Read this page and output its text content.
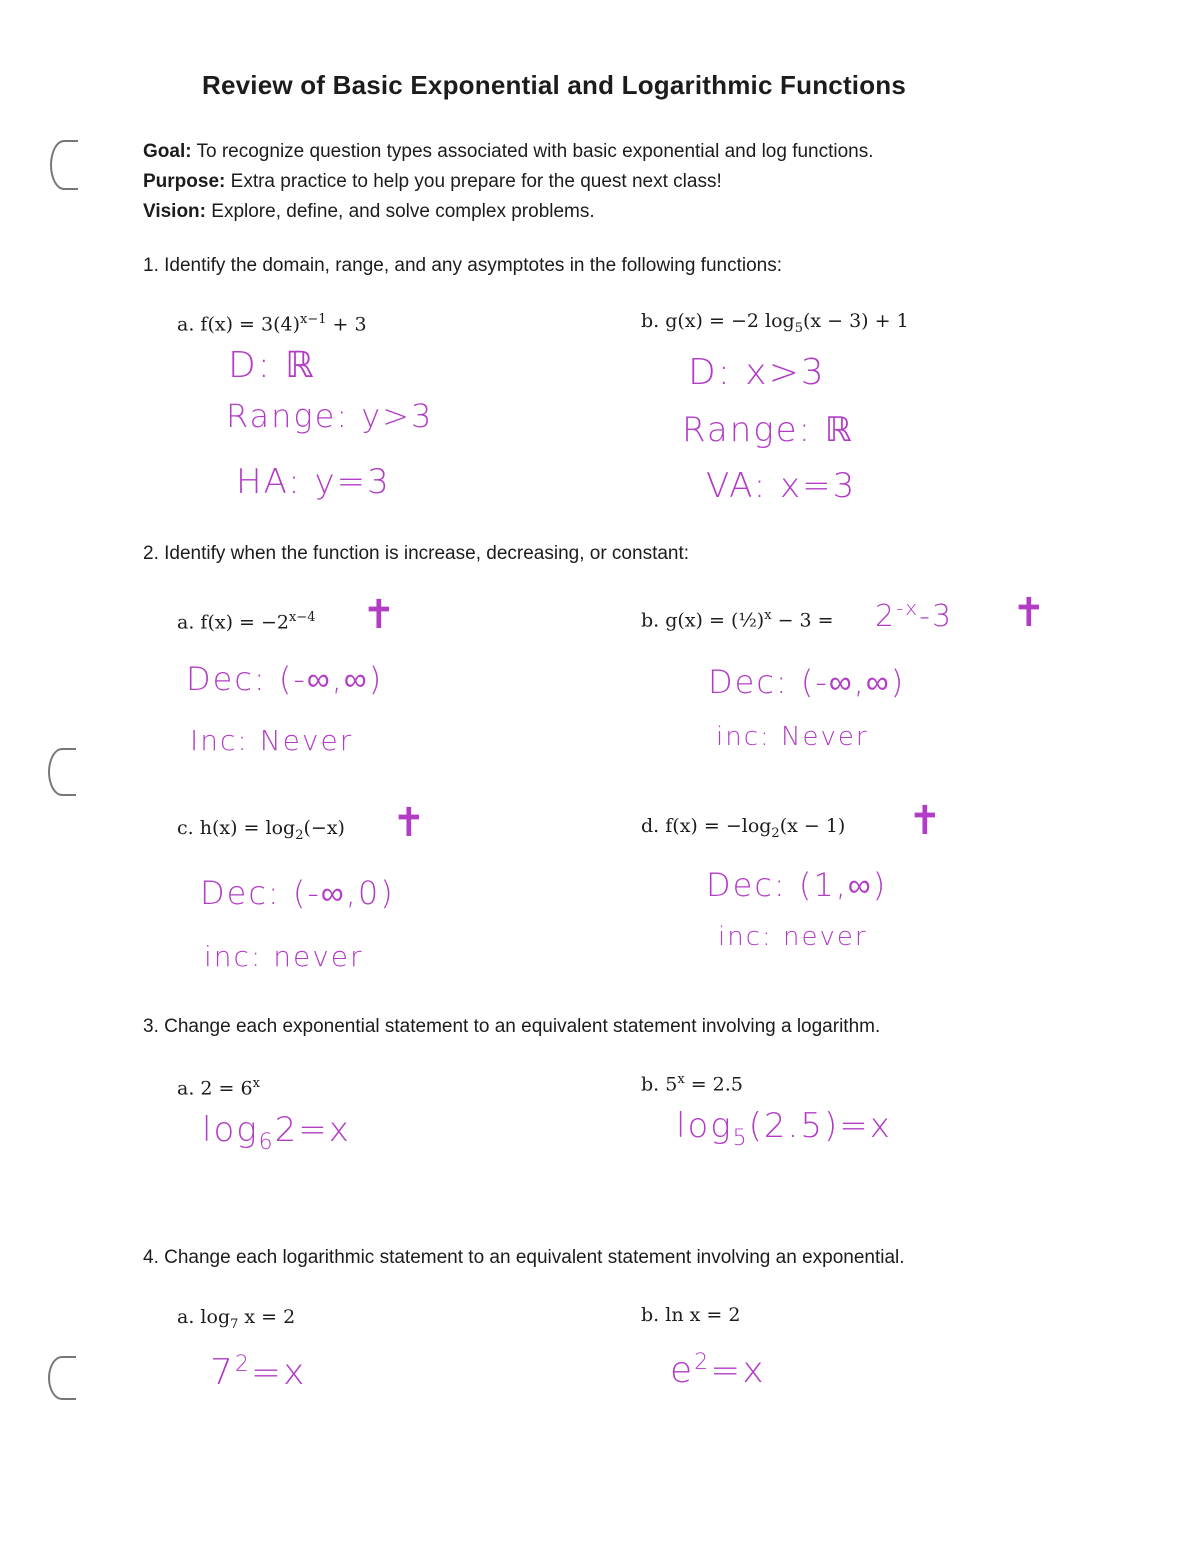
Review of Basic Exponential and Logarithmic Functions
Goal: To recognize question types associated with basic exponential and log functions.
Purpose: Extra practice to help you prepare for the quest next class!
Vision: Explore, define, and solve complex problems.
1. Identify the domain, range, and any asymptotes in the following functions:
a. $f(x) = 3(4)^{x-1} + 3$
D: ℝ
Range: y>3
HA: y=3
b. g(x) = −2 $\log_5(x - 3) + 1$
D: x>3
Range: ℝ
VA: x=3
2. Identify when the function is increase, decreasing, or constant:
a. $f(x) = -2^{x-4}$ ✝
Dec: (-∞,∞)
Inc: Never
b. g(x) = (½)$^x$ − $3 = 2^{-x}-3$ ✝
Dec: (-∞,∞)
inc: Never
c. $h(x) = \log_2(-x)$ ✝
Dec: (-∞,0)
inc: never
d. $f(x) = -\log_2(x - 1)$ ✝
Dec: (1,∞)
inc: never
3. Change each exponential statement to an equivalent statement involving a logarithm.
a. $2 = 6^x$
$\log_62=x$
b. $5^x = 2.5$
$\log_5(2.5)=x$
4. Change each logarithmic statement to an equivalent statement involving an exponential.
a. $\log_7 x = 2$
$7^2=x$
b. ln x = 2
$e^2=x$
